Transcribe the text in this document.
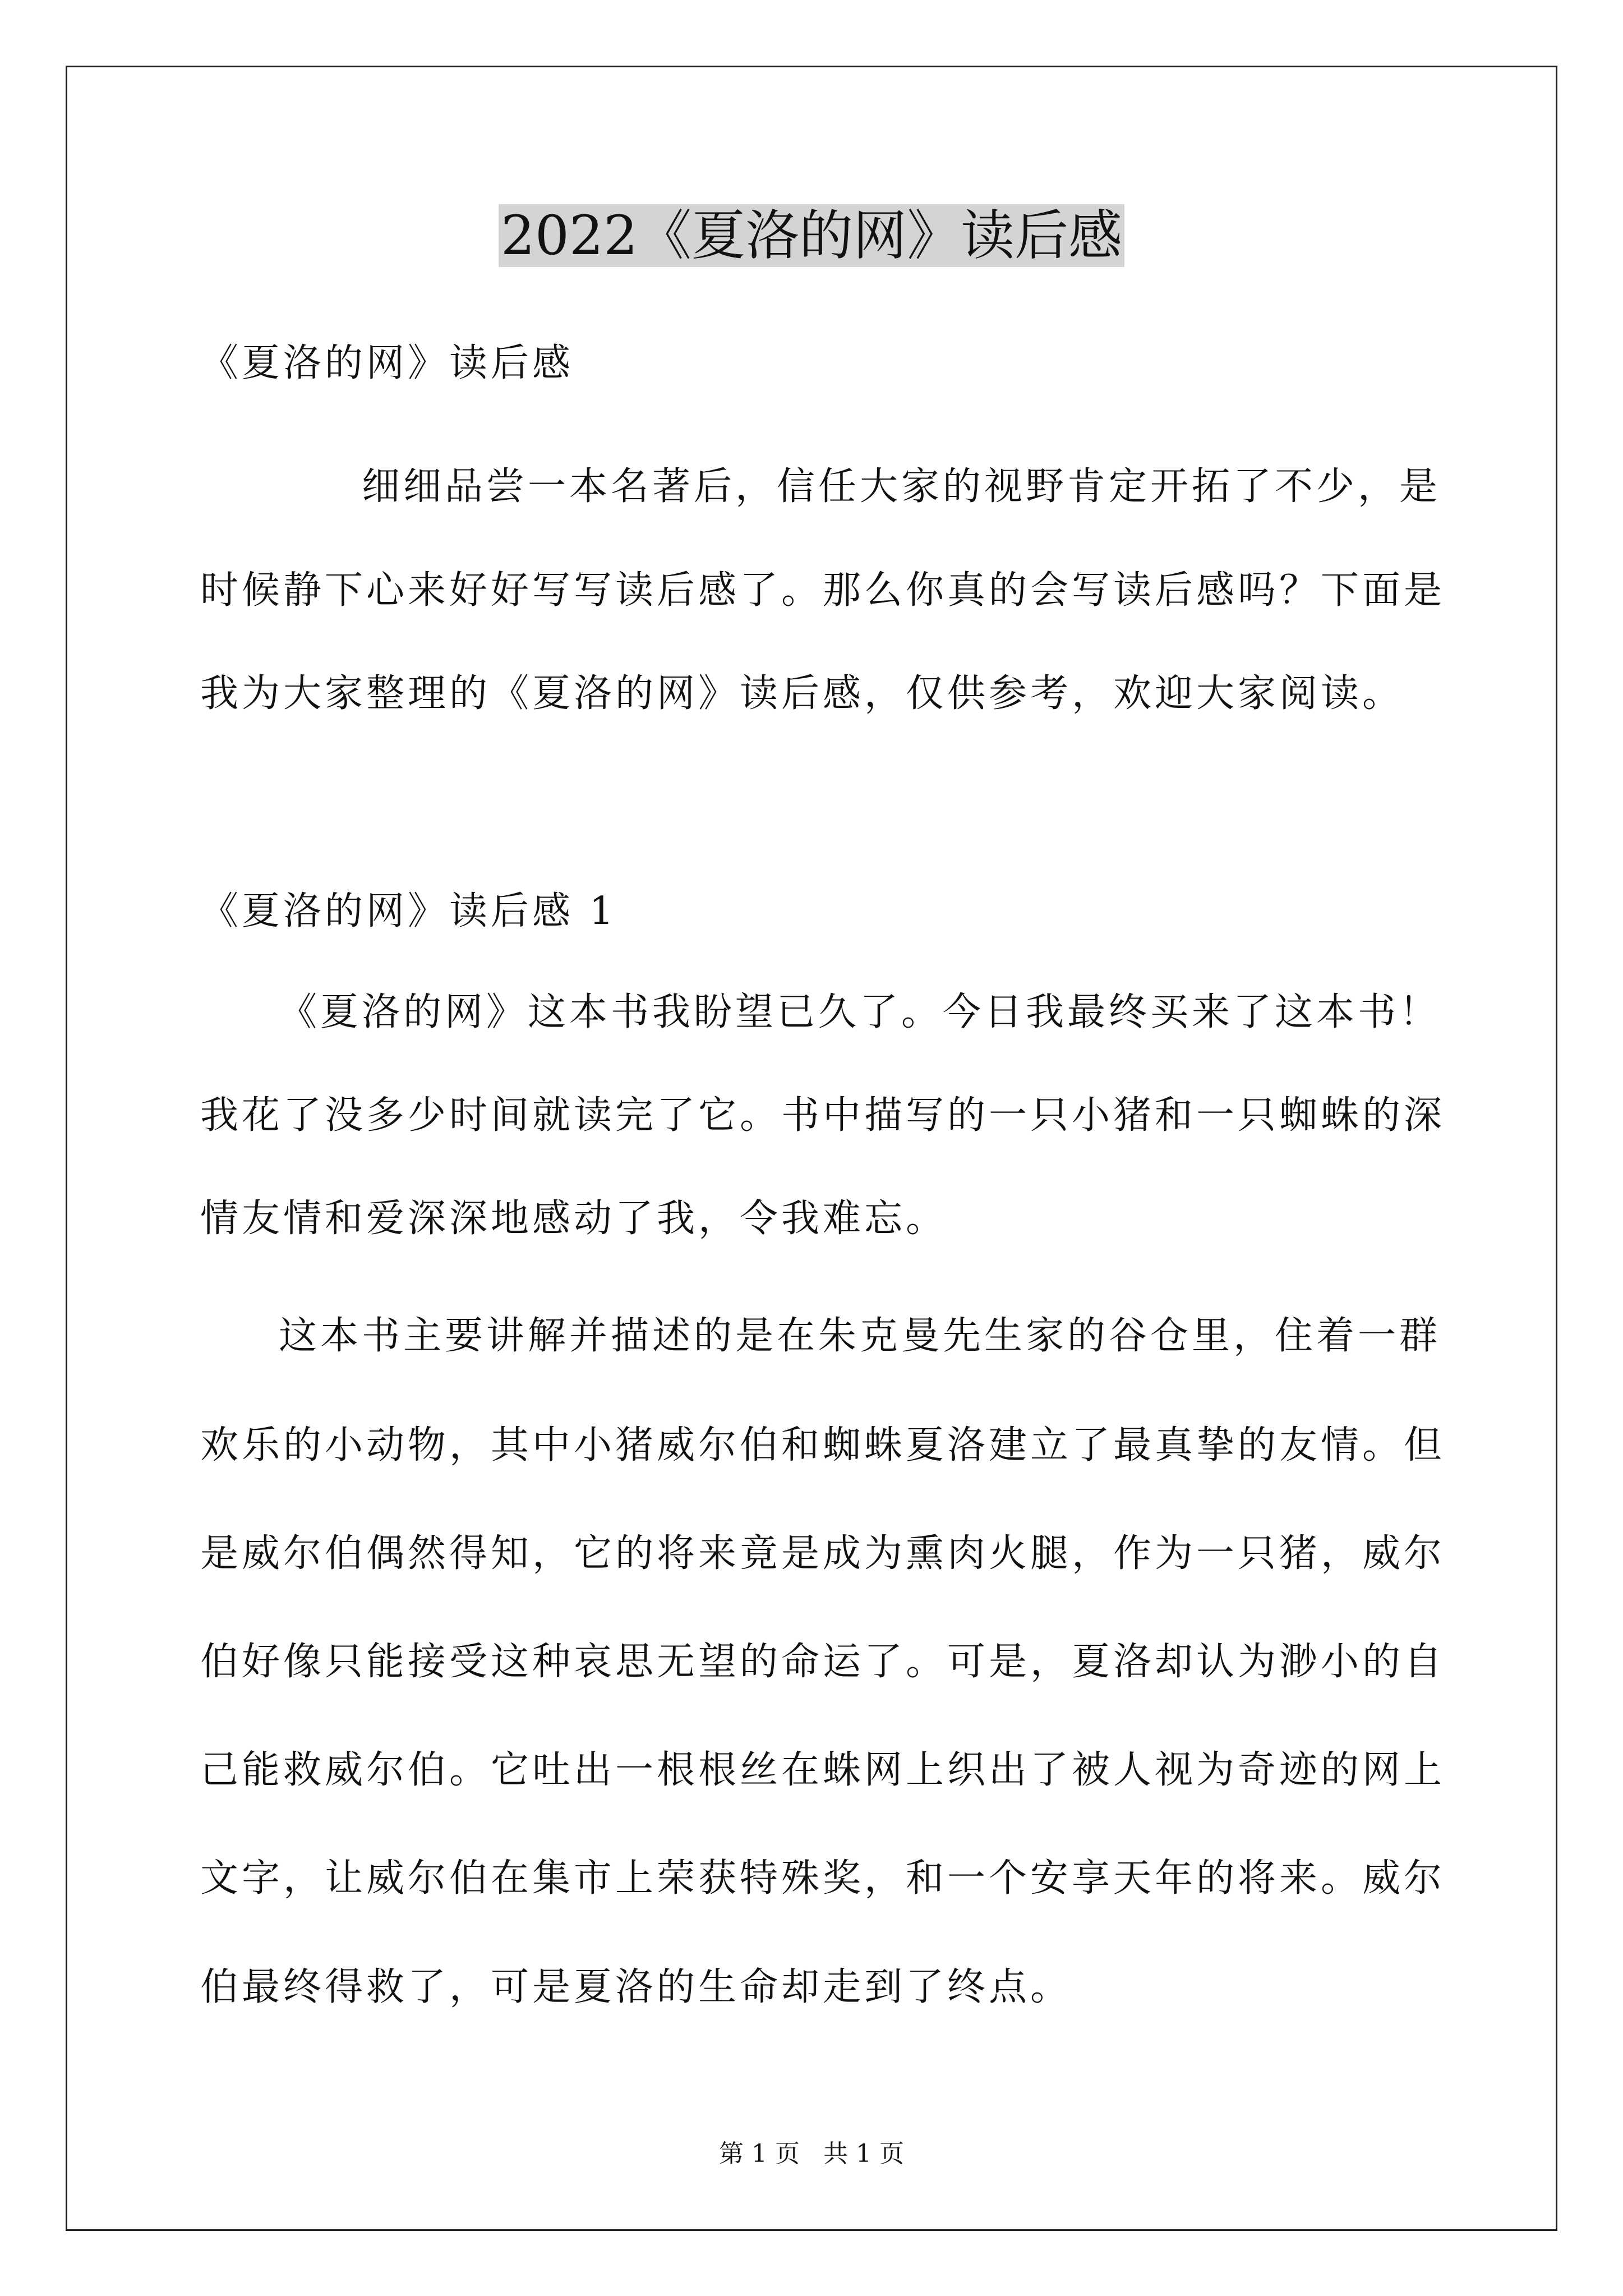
2022《夏洛的网》读后感
《夏洛的网》读后感
细细品尝一本名著后，信任大家的视野肯定开拓了不少，是
时候静下心来好好写写读后感了。那么你真的会写读后感吗？下面是
我为大家整理的《夏洛的网》读后感，仅供参考，欢迎大家阅读。
《夏洛的网》读后感 1
《夏洛的网》这本书我盼望已久了。今日我最终买来了这本书！
我花了没多少时间就读完了它。书中描写的一只小猪和一只蜘蛛的深
情友情和爱深深地感动了我，令我难忘。
这本书主要讲解并描述的是在朱克曼先生家的谷仓里，住着一群
欢乐的小动物，其中小猪威尔伯和蜘蛛夏洛建立了最真挚的友情。但
是威尔伯偶然得知，它的将来竟是成为熏肉火腿，作为一只猪，威尔
伯好像只能接受这种哀思无望的命运了。可是，夏洛却认为渺小的自
己能救威尔伯。它吐出一根根丝在蛛网上织出了被人视为奇迹的网上
文字，让威尔伯在集市上荣获特殊奖，和一个安享天年的将来。威尔
伯最终得救了，可是夏洛的生命却走到了终点。
第 1 页   共 1 页
